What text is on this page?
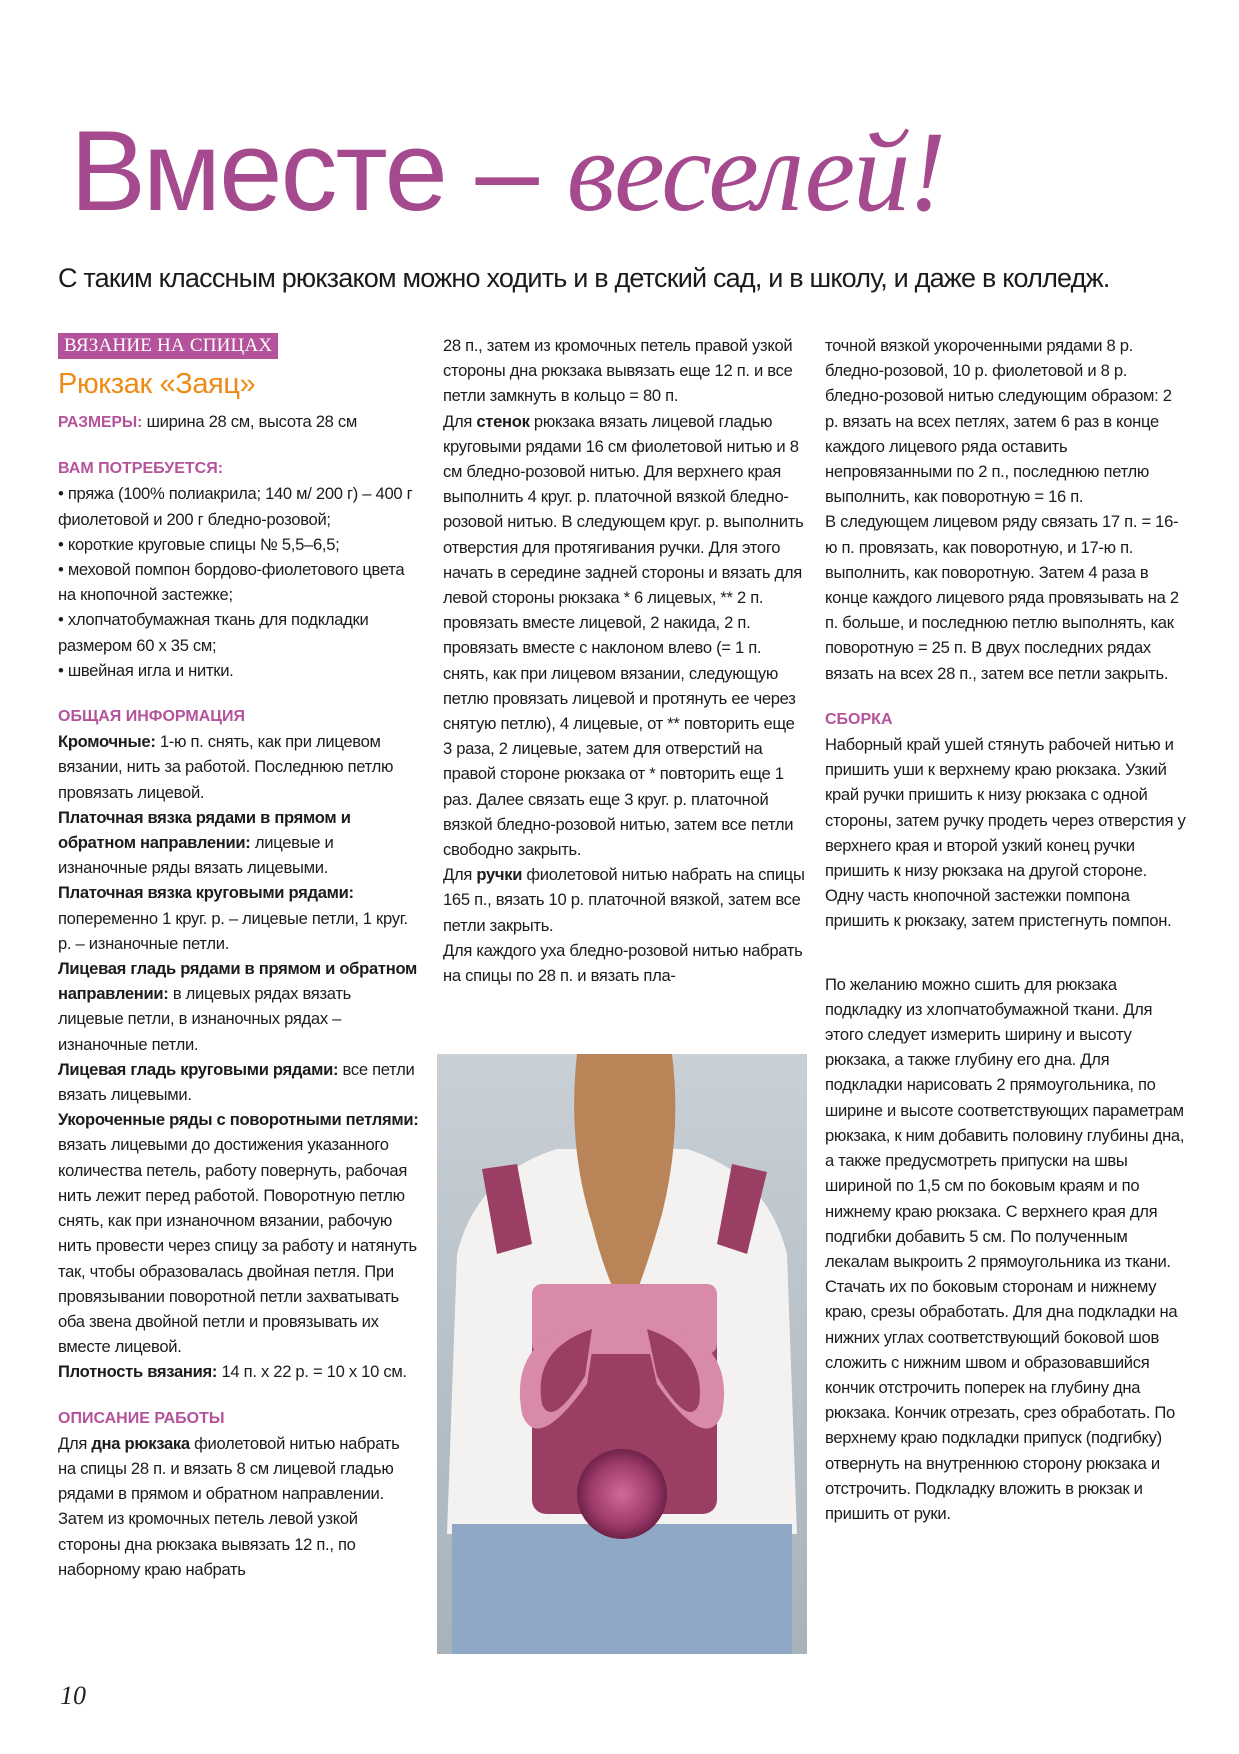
Вместе – веселей!
С таким классным рюкзаком можно ходить и в детский сад, и в школу, и даже в колледж.
ВЯЗАНИЕ НА СПИЦАХ
Рюкзак «Заяц»

РАЗМЕРЫ: ширина 28 см, высота 28 см

ВАМ ПОТРЕБУЕТСЯ:

• пряжа (100% полиакрила; 140 м/ 200 г) – 400 г фиолетовой и 200 г бледно-розовой;

• короткие круговые спицы № 5,5–6,5;

• меховой помпон бордово-фиолетового цвета на кнопочной застежке;

• хлопчатобумажная ткань для подкладки размером 60 x 35 см;

• швейная игла и нитки.

ОБЩАЯ ИНФОРМАЦИЯ

Кромочные: 1-ю п. снять, как при лицевом вязании, нить за работой. Последнюю петлю провязать лицевой.

Платочная вязка рядами в прямом и обратном направлении: лицевые и изнаночные ряды вязать лицевыми.

Платочная вязка круговыми рядами: попеременно 1 круг. р. – лицевые петли, 1 круг. р. – изнаночные петли.

Лицевая гладь рядами в прямом и обратном направлении: в лицевых рядах вязать лицевые петли, в изнаночных рядах – изнаночные петли.

Лицевая гладь круговыми рядами: все петли вязать лицевыми.

Укороченные ряды с поворотными петлями: вязать лицевыми до достижения указанного количества петель, работу повернуть, рабочая нить лежит перед работой. Поворотную петлю снять, как при изнаночном вязании, рабочую нить провести через спицу за работу и натянуть так, чтобы образовалась двойная петля. При провязывании поворотной петли захватывать оба звена двойной петли и провязывать их вместе лицевой.

Плотность вязания: 14 п. x 22 р. = 10 x 10 см.

ОПИСАНИЕ РАБОТЫ

Для дна рюкзака фиолетовой нитью набрать на спицы 28 п. и вязать 8 см лицевой гладью рядами в прямом и обратном направлении. Затем из кромочных петель левой узкой стороны дна рюкзака вывязать 12 п., по наборному краю набрать

28 п., затем из кромочных петель правой узкой стороны дна рюкзака вывязать еще 12 п. и все петли замкнуть в кольцо = 80 п.

Для стенок рюкзака вязать лицевой гладью круговыми рядами 16 см фиолетовой нитью и 8 см бледно-розовой нитью. Для верхнего края выполнить 4 круг. р. платочной вязкой бледно-розовой нитью. В следующем круг. р. выполнить отверстия для протягивания ручки. Для этого начать в середине задней стороны и вязать для левой стороны рюкзака * 6 лицевых, ** 2 п. провязать вместе лицевой, 2 накида, 2 п. провязать вместе с наклоном влево (= 1 п. снять, как при лицевом вязании, следующую петлю провязать лицевой и протянуть ее через снятую петлю), 4 лицевые, от ** повторить еще 3 раза, 2 лицевые, затем для отверстий на правой стороне рюкзака от * повторить еще 1 раз. Далее связать еще 3 круг. р. платочной вязкой бледно-розовой нитью, затем все петли свободно закрыть.

Для ручки фиолетовой нитью набрать на спицы 165 п., вязать 10 р. платочной вязкой, затем все петли закрыть.

Для каждого уха бледно-розовой нитью набрать на спицы по 28 п. и вязать пла-

точной вязкой укороченными рядами 8 р. бледно-розовой, 10 р. фиолетовой и 8 р. бледно-розовой нитью следующим образом: 2 р. вязать на всех петлях, затем 6 раз в конце каждого лицевого ряда оставить непровязанными по 2 п., последнюю петлю выполнить, как поворотную = 16 п.

В следующем лицевом ряду связать 17 п. = 16-ю п. провязать, как поворотную, и 17-ю п. выполнить, как поворотную. Затем 4 раза в конце каждого лицевого ряда провязывать на 2 п. больше, и последнюю петлю выполнять, как поворотную = 25 п. В двух последних рядах вязать на всех 28 п., затем все петли закрыть.

СБОРКА

Наборный край ушей стянуть рабочей нитью и пришить уши к верхнему краю рюкзака. Узкий край ручки пришить к низу рюкзака с одной стороны, затем ручку продеть через отверстия у верхнего края и второй узкий конец ручки пришить к низу рюкзака на другой стороне. Одну часть кнопочной застежки помпона пришить к рюкзаку, затем пристегнуть помпон.

По желанию можно сшить для рюкзака подкладку из хлопчатобумажной ткани. Для этого следует измерить ширину и высоту рюкзака, а также глубину его дна. Для подкладки нарисовать 2 прямоугольника, по ширине и высоте соответствующих параметрам рюкзака, к ним добавить половину глубины дна, а также предусмотреть припуски на швы шириной по 1,5 см по боковым краям и по нижнему краю рюкзака. С верхнего края для подгибки добавить 5 см. По полученным лекалам выкроить 2 прямоугольника из ткани. Стачать их по боковым сторонам и нижнему краю, срезы обработать. Для дна подкладки на нижних углах соответствующий боковой шов сложить с нижним швом и образовавшийся кончик отстрочить поперек на глубину дна рюкзака. Кончик отрезать, срез обработать. По верхнему краю подкладки припуск (подгибку) отвернуть на внутреннюю сторону рюкзака и отстрочить. Подкладку вложить в рюкзак и пришить от руки.

10
